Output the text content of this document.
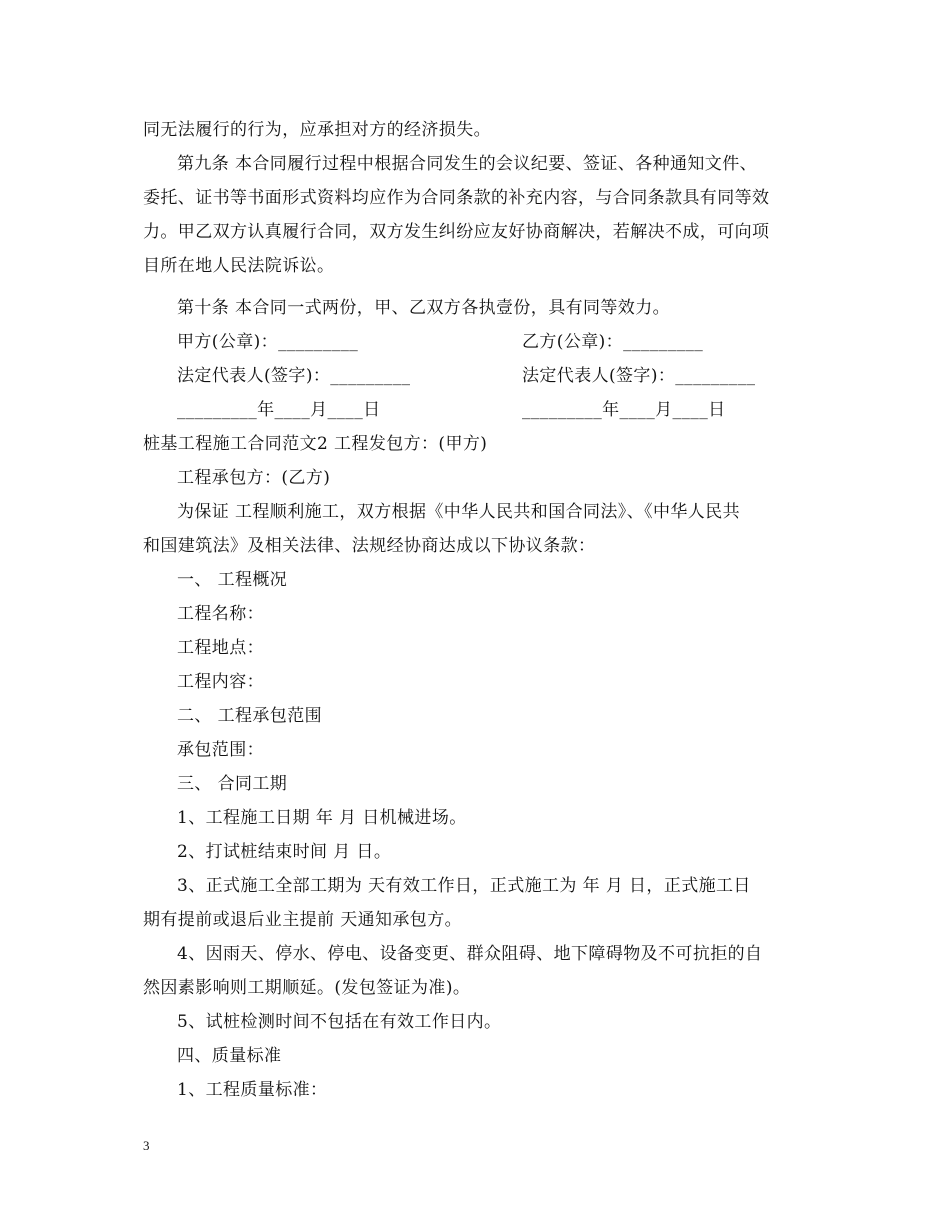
同无法履行的行为，应承担对方的经济损失。
第九条 本合同履行过程中根据合同发生的会议纪要、签证、各种通知文件、
委托、证书等书面形式资料均应作为合同条款的补充内容，与合同条款具有同等效
力。甲乙双方认真履行合同，双方发生纠纷应友好协商解决，若解决不成，可向项
目所在地人民法院诉讼。
第十条 本合同一式两份，甲、乙双方各执壹份，具有同等效力。
甲方(公章)：_________	乙方(公章)：_________
法定代表人(签字)：_________	法定代表人(签字)：_________
_________年____月____日	_________年____月____日
桩基工程施工合同范文2 工程发包方：(甲方)
工程承包方：(乙方)
为保证 工程顺利施工，双方根据《中华人民共和国合同法》、《中华人民共
和国建筑法》及相关法律、法规经协商达成以下协议条款：
一、 工程概况
工程名称：
工程地点：
工程内容：
二、 工程承包范围
承包范围：
三、 合同工期
1、工程施工日期 年 月 日机械进场。
2、打试桩结束时间 月 日。
3、正式施工全部工期为 天有效工作日，正式施工为 年 月 日，正式施工日
期有提前或退后业主提前 天通知承包方。
4、因雨天、停水、停电、设备变更、群众阻碍、地下障碍物及不可抗拒的自
然因素影响则工期顺延。(发包签证为准)。
5、试桩检测时间不包括在有效工作日内。
四、质量标准
1、工程质量标准：
3
